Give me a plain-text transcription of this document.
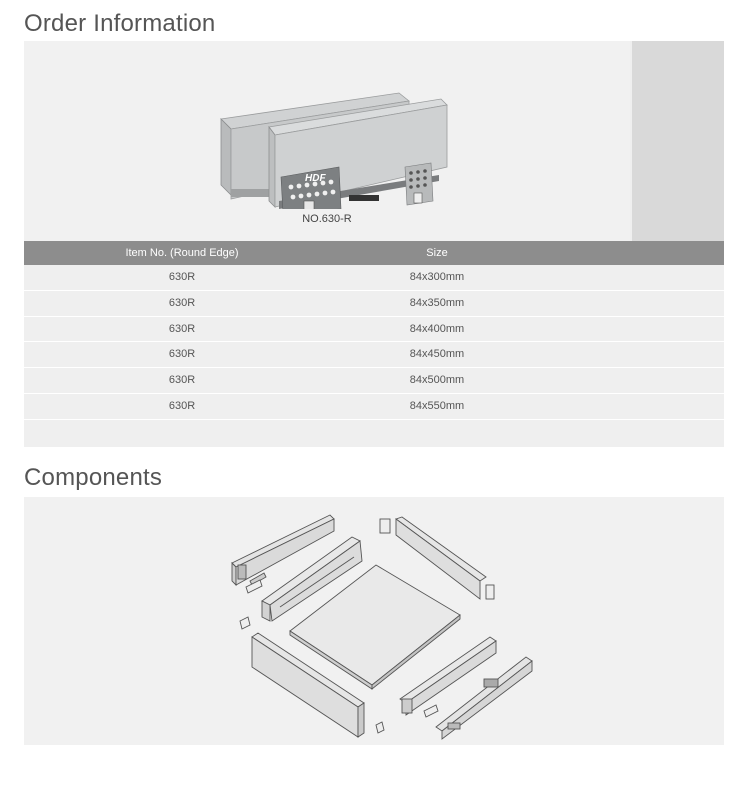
Order Information
HDF
NO.630-R
Item No. (Round Edge)	Size
630R	84x300mm
630R	84x350mm
630R	84x400mm
630R	84x450mm
630R	84x500mm
630R	84x550mm
Components
